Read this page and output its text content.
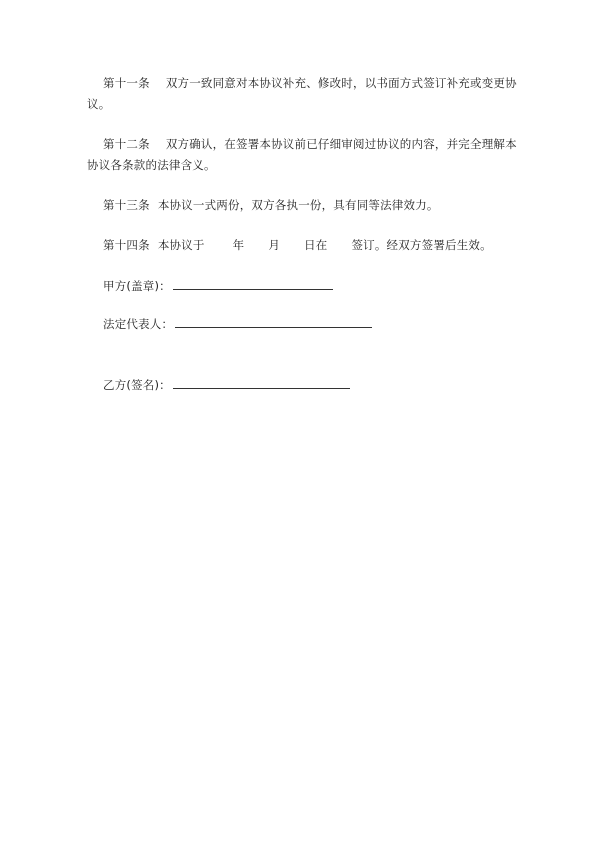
第十一条 双方一致同意对本协议补充、修改时，以书面方式签订补充或变更协
议。
第十二条 双方确认，在签署本协议前已仔细审阅过协议的内容，并完全理解本
协议各条款的法律含义。
第十三条 本协议一式两份，双方各执一份，具有同等法律效力。
第十四条 本协议于 年 月 日在 签订。经双方签署后生效。
甲方(盖章)：
法定代表人：
乙方(签名)：
